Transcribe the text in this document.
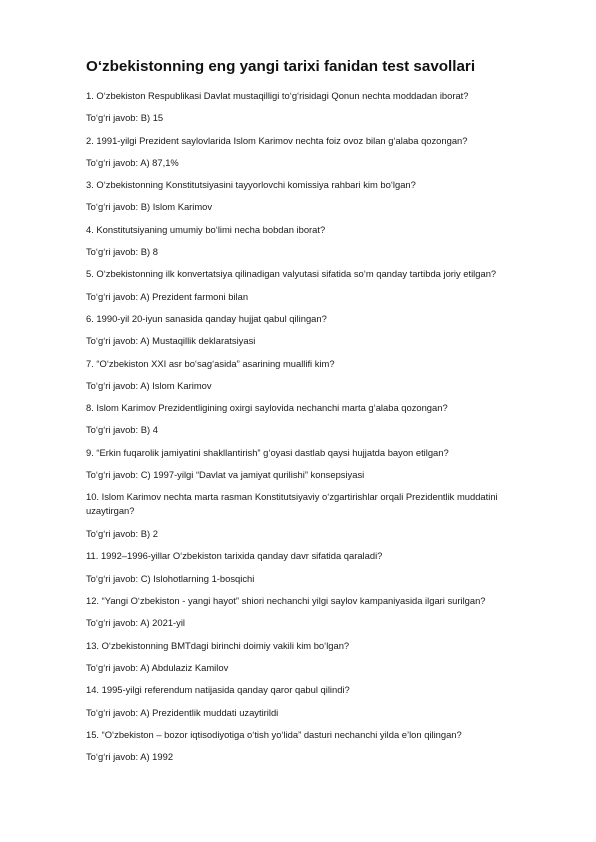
O‘zbekistonning eng yangi tarixi fanidan test savollari

1. O‘zbekiston Respublikasi Davlat mustaqilligi to‘g‘risidagi Qonun nechta moddadan iborat?

To‘g‘ri javob: B) 15

2. 1991-yilgi Prezident saylovlarida Islom Karimov nechta foiz ovoz bilan g‘alaba qozongan?

To‘g‘ri javob: A) 87,1%

3. O‘zbekistonning Konstitutsiyasini tayyorlovchi komissiya rahbari kim bo‘lgan?

To‘g‘ri javob: B) Islom Karimov

4. Konstitutsiyaning umumiy bo‘limi necha bobdan iborat?

To‘g‘ri javob: B) 8

5. O‘zbekistonning ilk konvertatsiya qilinadigan valyutasi sifatida so‘m qanday tartibda joriy etilgan?

To‘g‘ri javob: A) Prezident farmoni bilan

6. 1990-yil 20-iyun sanasida qanday hujjat qabul qilingan?

To‘g‘ri javob: A) Mustaqillik deklaratsiyasi

7. “O‘zbekiston XXI asr bo‘sag‘asida” asarining muallifi kim?

To‘g‘ri javob: A) Islom Karimov

8. Islom Karimov Prezidentligining oxirgi saylovida nechanchi marta g‘alaba qozongan?

To‘g‘ri javob: B) 4

9. “Erkin fuqarolik jamiyatini shakllantirish” g‘oyasi dastlab qaysi hujjatda bayon etilgan?

To‘g‘ri javob: C) 1997-yilgi “Davlat va jamiyat qurilishi” konsepsiyasi

10. Islom Karimov nechta marta rasman Konstitutsiyaviy o‘zgartirishlar orqali Prezidentlik muddatini uzaytirgan?

To‘g‘ri javob: B) 2

11. 1992–1996-yillar O‘zbekiston tarixida qanday davr sifatida qaraladi?

To‘g‘ri javob: C) Islohotlarning 1-bosqichi

12. “Yangi O‘zbekiston - yangi hayot” shiori nechanchi yilgi saylov kampaniyasida ilgari surilgan?

To‘g‘ri javob: A) 2021-yil

13. O‘zbekistonning BMTdagi birinchi doimiy vakili kim bo‘lgan?

To‘g‘ri javob: A) Abdulaziz Kamilov

14. 1995-yilgi referendum natijasida qanday qaror qabul qilindi?

To‘g‘ri javob: A) Prezidentlik muddati uzaytirildi

15. “O‘zbekiston – bozor iqtisodiyotiga o‘tish yo‘lida” dasturi nechanchi yilda e’lon qilingan?

To‘g‘ri javob: A) 1992
